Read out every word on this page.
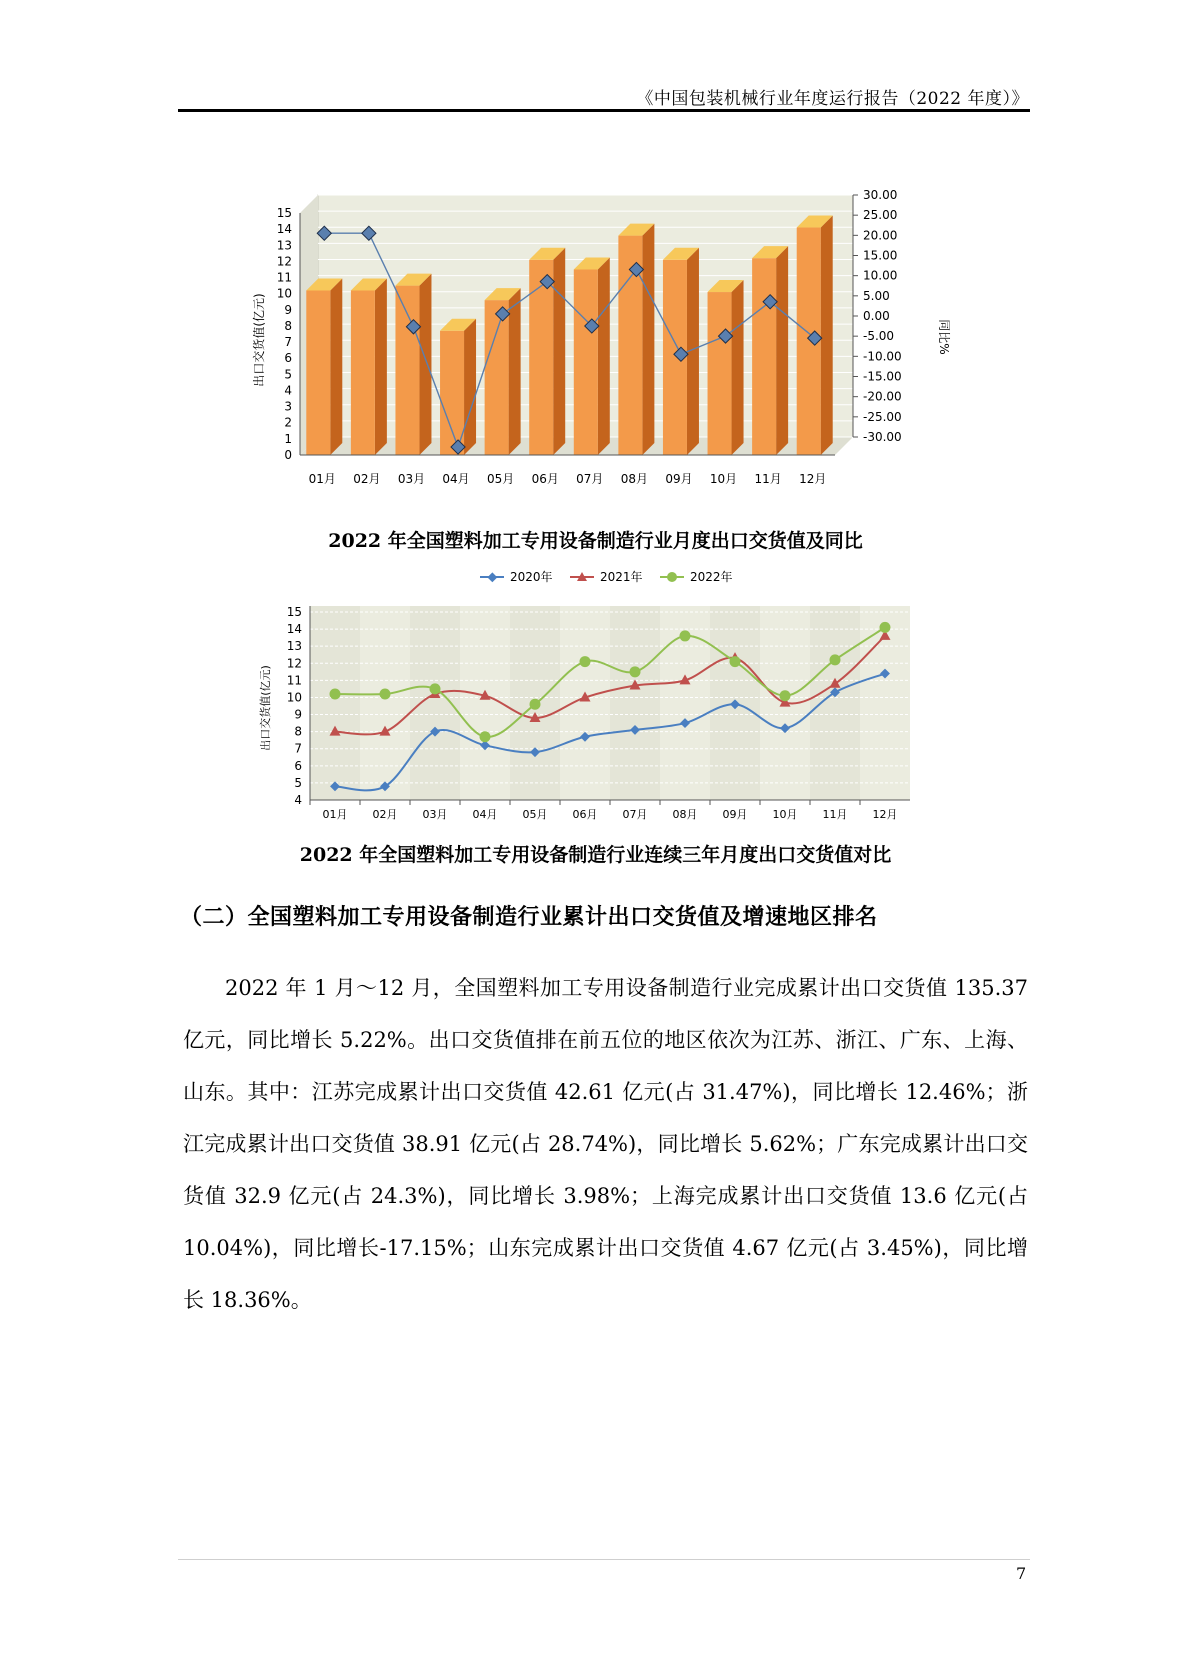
《中国包装机械行业年度运行报告（2022 年度）》
0
1
2
3
4
5
6
7
8
9
10
11
12
13
14
15
-30.00
-25.00
-20.00
-15.00
-10.00
-5.00
0.00
5.00
10.00
15.00
20.00
25.00
30.00
01月 02月 03月 04月 05月 06月 07月 08月 09月 10月 11月 12月
出口交货值(亿元)	同比%
2022 年全国塑料加工专用设备制造行业月度出口交货值及同比
2020年	2021年	2022年
4
5
6
7
8
9
10
11
12
13
14
15
01月 02月 03月 04月 05月 06月 07月 08月 09月 10月 11月 12月
出口交货值(亿元)
2022 年全国塑料加工专用设备制造行业连续三年月度出口交货值对比
（二）全国塑料加工专用设备制造行业累计出口交货值及增速地区排名
2022 年 1 月～12 月，全国塑料加工专用设备制造行业完成累计出口交货值 135.37 亿元，同比增长 5.22%。出口交货值排在前五位的地区依次为江苏、浙江、广东、上海、山东。其中：江苏完成累计出口交货值 42.61 亿元(占 31.47%)，同比增长 12.46%；浙江完成累计出口交货值 38.91 亿元(占 28.74%)，同比增长 5.62%；广东完成累计出口交货值 32.9 亿元(占 24.3%)，同比增长 3.98%；上海完成累计出口交货值 13.6 亿元(占 10.04%)，同比增长-17.15%；山东完成累计出口交货值 4.67 亿元(占 3.45%)，同比增长 18.36%。
7
